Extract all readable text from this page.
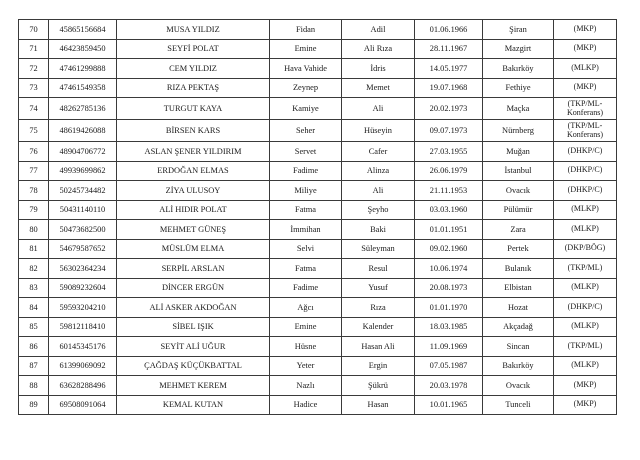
70	45865156684	MUSA YILDIZ	Fidan	Adil	01.06.1966	Şiran	(MKP)
71	46423859450	SEYFİ POLAT	Emine	Ali Rıza	28.11.1967	Mazgirt	(MKP)
72	47461299888	CEM YILDIZ	Hava Vahide	İdris	14.05.1977	Bakırköy	(MLKP)
73	47461549358	RIZA PEKTAŞ	Zeynep	Memet	19.07.1968	Fethiye	(MKP)
74	48262785136	TURGUT KAYA	Kamiye	Ali	20.02.1973	Maçka	(TKP/ML-Konferans)
75	48619426088	BİRSEN KARS	Seher	Hüseyin	09.07.1973	Nürnberg	(TKP/ML-Konferans)
76	48904706772	ASLAN ŞENER YILDIRIM	Servet	Cafer	27.03.1955	Muğan	(DHKP/C)
77	49939699862	ERDOĞAN ELMAS	Fadime	Alinza	26.06.1979	İstanbul	(DHKP/C)
78	50245734482	ZİYA ULUSOY	Miliye	Ali	21.11.1953	Ovacık	(DHKP/C)
79	50431140110	ALİ HIDIR POLAT	Fatma	Şeyho	03.03.1960	Pülümür	(MLKP)
80	50473682500	MEHMET GÜNEŞ	İmmihan	Baki	01.01.1951	Zara	(MLKP)
81	54679587652	MÜSLÜM ELMA	Selvi	Süleyman	09.02.1960	Pertek	(DKP/BÖG)
82	56302364234	SERPİL ARSLAN	Fatma	Resul	10.06.1974	Bulanık	(TKP/ML)
83	59089232604	DİNCER ERGÜN	Fadime	Yusuf	20.08.1973	Elbistan	(MLKP)
84	59593204210	ALİ ASKER AKDOĞAN	Ağcı	Rıza	01.01.1970	Hozat	(DHKP/C)
85	59812118410	SİBEL IŞIK	Emine	Kalender	18.03.1985	Akçadağ	(MLKP)
86	60145345176	SEYİT ALİ UĞUR	Hüsne	Hasan Ali	11.09.1969	Sincan	(TKP/ML)
87	61399069092	ÇAĞDAŞ KÜÇÜKBATTAL	Yeter	Ergin	07.05.1987	Bakırköy	(MLKP)
88	63628288496	MEHMET KEREM	Nazlı	Şükrü	20.03.1978	Ovacık	(MKP)
89	69508091064	KEMAL KUTAN	Hadice	Hasan	10.01.1965	Tunceli	(MKP)
